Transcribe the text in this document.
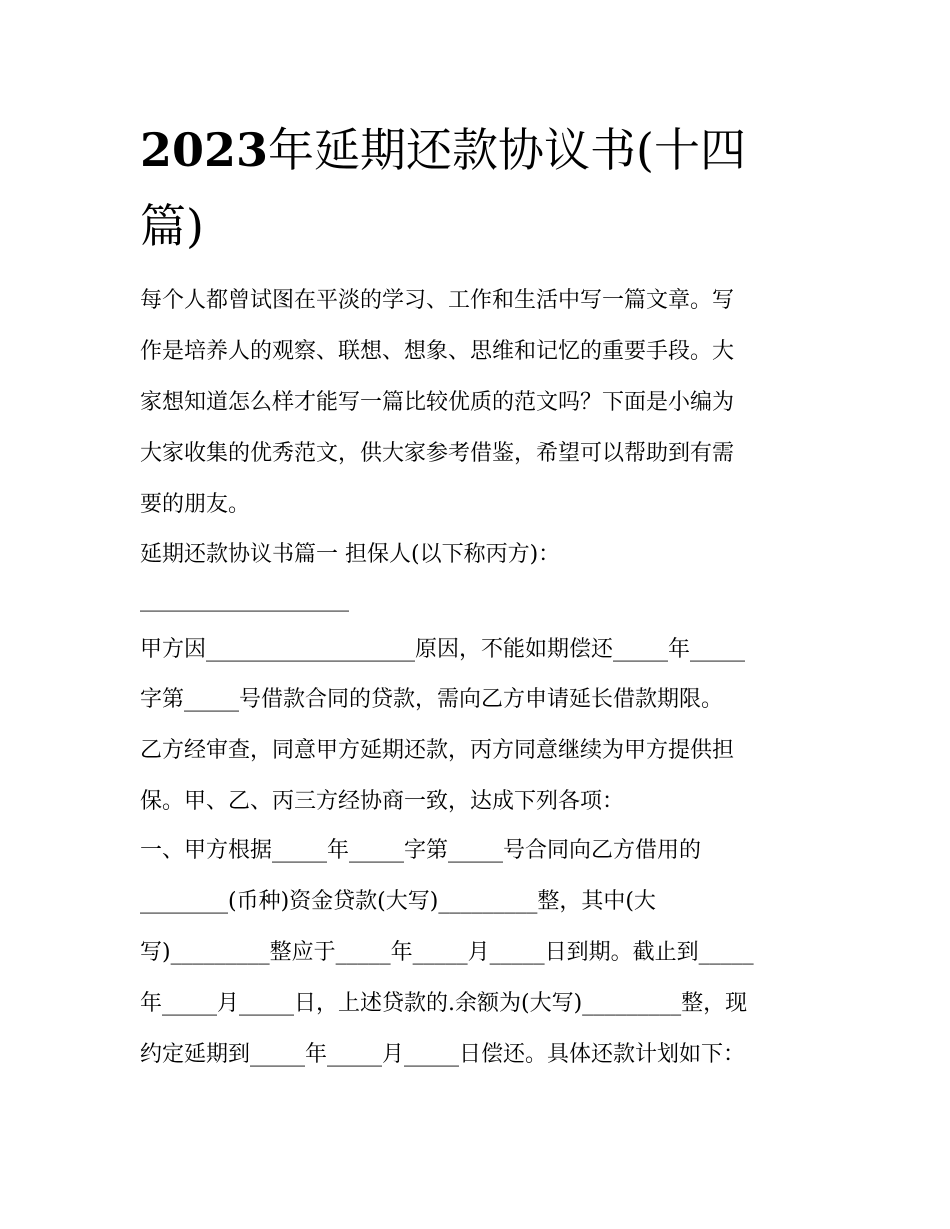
2023年延期还款协议书(十四
篇)
每个人都曾试图在平淡的学习、工作和生活中写一篇文章。写
作是培养人的观察、联想、想象、思维和记忆的重要手段。大
家想知道怎么样才能写一篇比较优质的范文吗？下面是小编为
大家收集的优秀范文，供大家参考借鉴，希望可以帮助到有需
要的朋友。
延期还款协议书篇一 担保人(以下称丙方)：
___________________
甲方因___________________原因，不能如期偿还_____年_____
字第_____号借款合同的贷款，需向乙方申请延长借款期限。
乙方经审查，同意甲方延期还款，丙方同意继续为甲方提供担
保。甲、乙、丙三方经协商一致，达成下列各项：
一、甲方根据_____年_____字第_____号合同向乙方借用的
________(币种)资金贷款(大写)_________整，其中(大
写)_________整应于_____年_____月_____日到期。截止到_____
年_____月_____日，上述贷款的.余额为(大写)_________整，现
约定延期到_____年_____月_____日偿还。具体还款计划如下：
